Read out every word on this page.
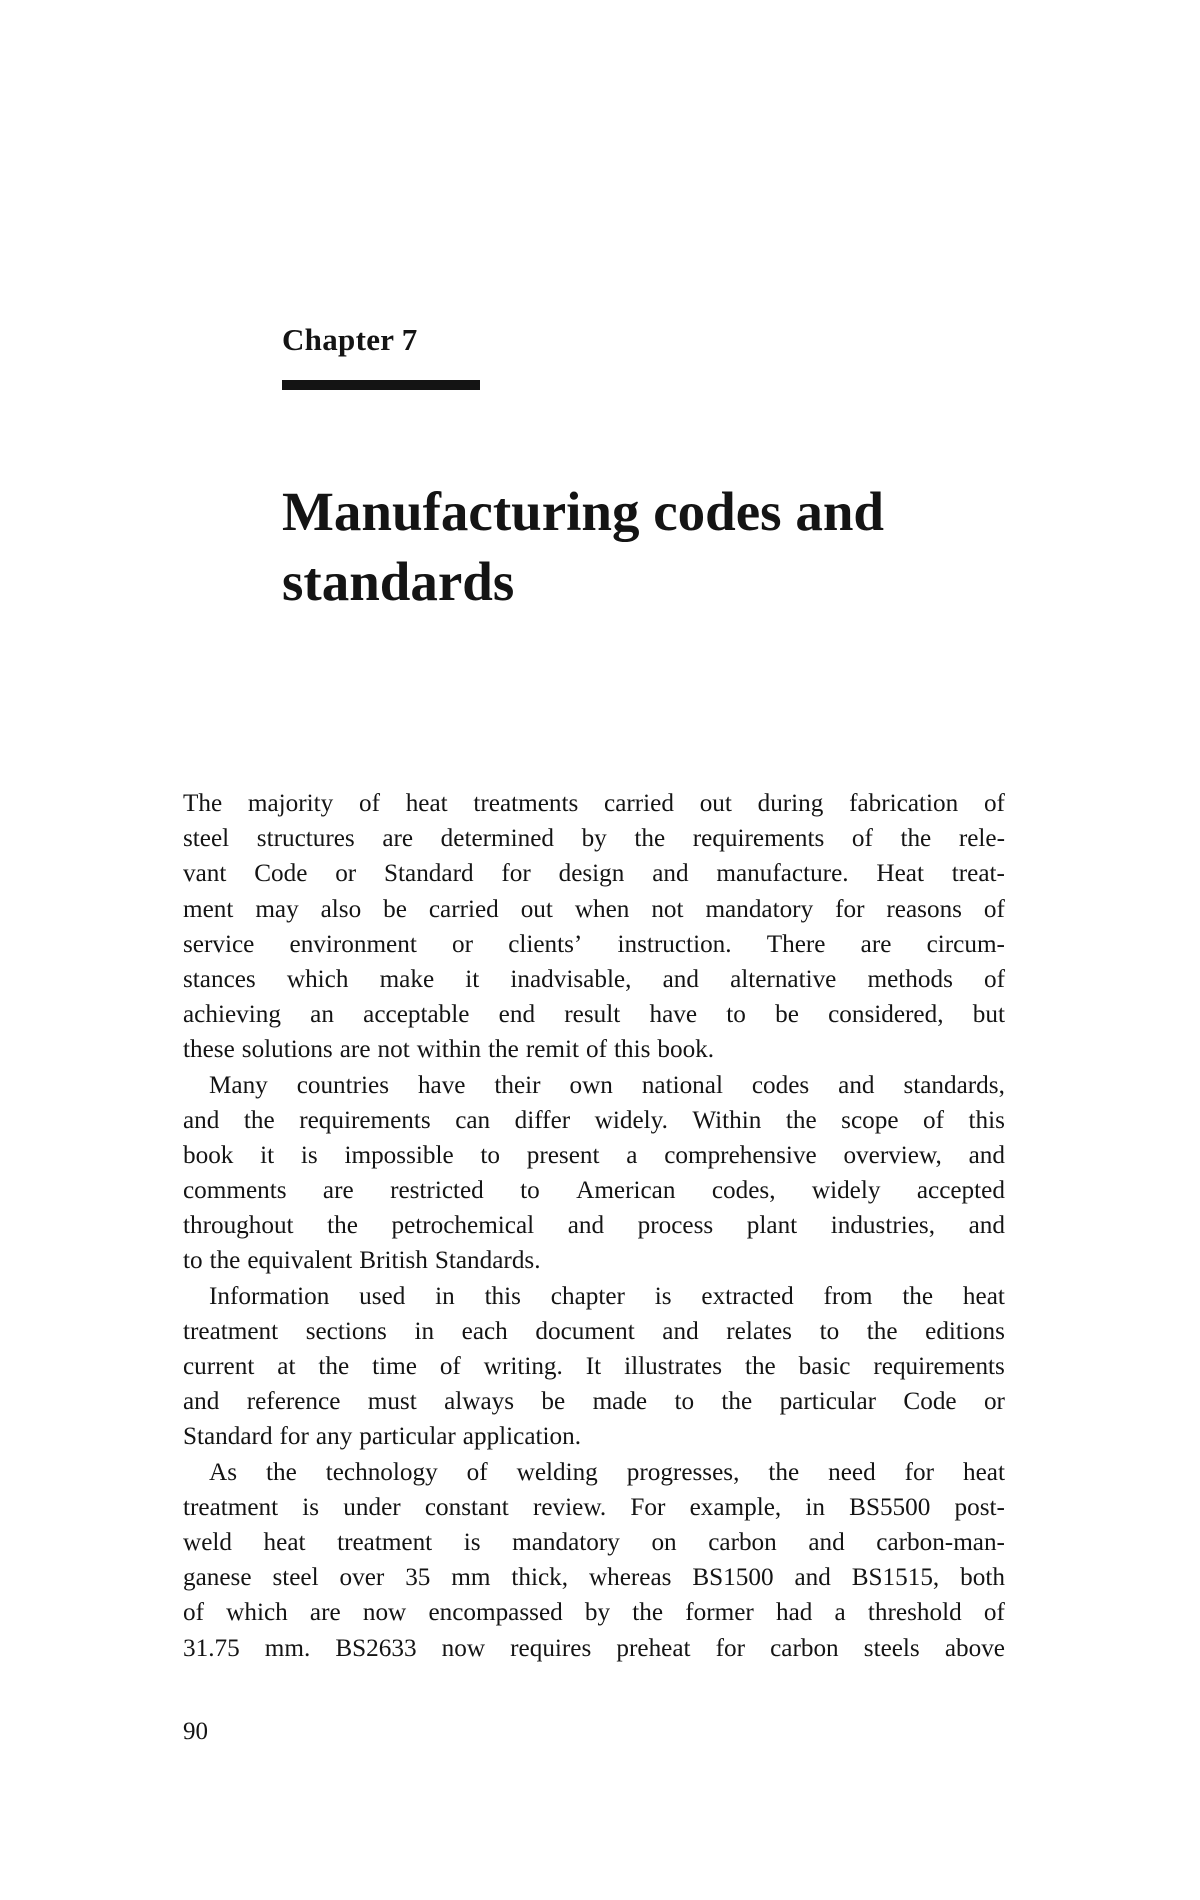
Chapter 7
Manufacturing codes and
standards
The majority of heat treatments carried out during fabrication of
steel structures are determined by the requirements of the rele-
vant Code or Standard for design and manufacture. Heat treat-
ment may also be carried out when not mandatory for reasons of
service environment or clients’ instruction. There are circum-
stances which make it inadvisable, and alternative methods of
achieving an acceptable end result have to be considered, but
these solutions are not within the remit of this book.
Many countries have their own national codes and standards,
and the requirements can differ widely. Within the scope of this
book it is impossible to present a comprehensive overview, and
comments are restricted to American codes, widely accepted
throughout the petrochemical and process plant industries, and
to the equivalent British Standards.
Information used in this chapter is extracted from the heat
treatment sections in each document and relates to the editions
current at the time of writing. It illustrates the basic requirements
and reference must always be made to the particular Code or
Standard for any particular application.
As the technology of welding progresses, the need for heat
treatment is under constant review. For example, in BS5500 post-
weld heat treatment is mandatory on carbon and carbon-man-
ganese steel over 35 mm thick, whereas BS1500 and BS1515, both
of which are now encompassed by the former had a threshold of
31.75 mm. BS2633 now requires preheat for carbon steels above
90
